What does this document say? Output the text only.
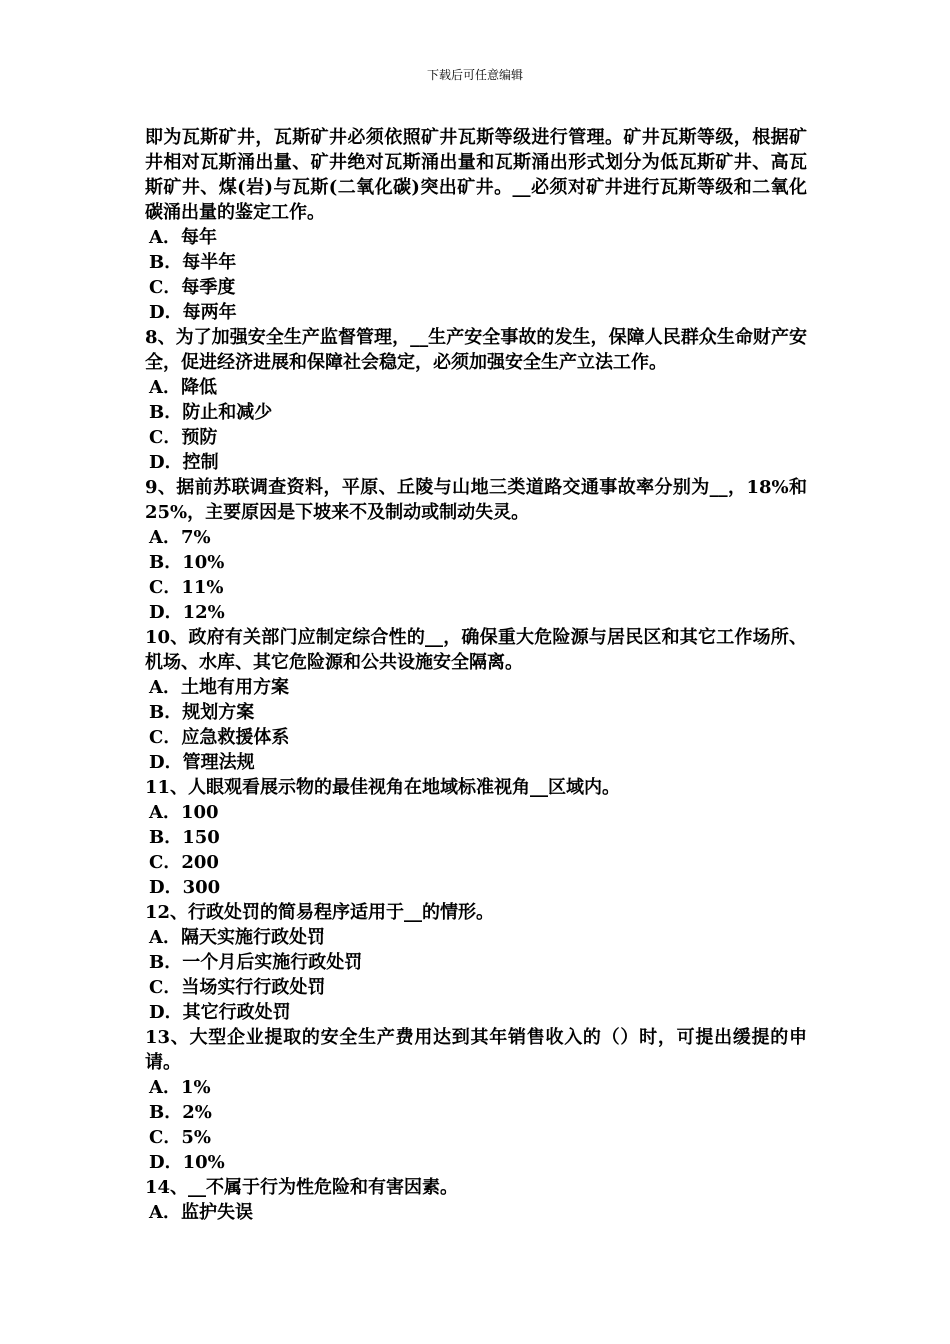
下载后可任意编辑

即为瓦斯矿井，瓦斯矿井必须依照矿井瓦斯等级进行管理。矿井瓦斯等级，根据矿井相对瓦斯涌出量、矿井绝对瓦斯涌出量和瓦斯涌出形式划分为低瓦斯矿井、高瓦斯矿井、煤(岩)与瓦斯(二氧化碳)突出矿井。__必须对矿井进行瓦斯等级和二氧化碳涌出量的鉴定工作。

A．每年

B．每半年

C．每季度

D．每两年

8、为了加强安全生产监督管理，__生产安全事故的发生，保障人民群众生命财产安全，促进经济进展和保障社会稳定，必须加强安全生产立法工作。

A．降低

B．防止和减少

C．预防

D．控制

9、据前苏联调查资料，平原、丘陵与山地三类道路交通事故率分别为__，18%和25%，主要原因是下坡来不及制动或制动失灵。

A．7%

B．10%

C．11%

D．12%

10、政府有关部门应制定综合性的__，确保重大危险源与居民区和其它工作场所、机场、水库、其它危险源和公共设施安全隔离。

A．土地有用方案

B．规划方案

C．应急救援体系

D．管理法规

11、人眼观看展示物的最佳视角在地域标准视角__区域内。

A．100

B．150

C．200

D．300

12、行政处罚的简易程序适用于__的情形。

A．隔天实施行政处罚

B．一个月后实施行政处罚

C．当场实行行政处罚

D．其它行政处罚

13、大型企业提取的安全生产费用达到其年销售收入的（）时，可提出缓提的申请。

A．1%

B．2%

C．5%

D．10%

14、__不属于行为性危险和有害因素。

A．监护失误
